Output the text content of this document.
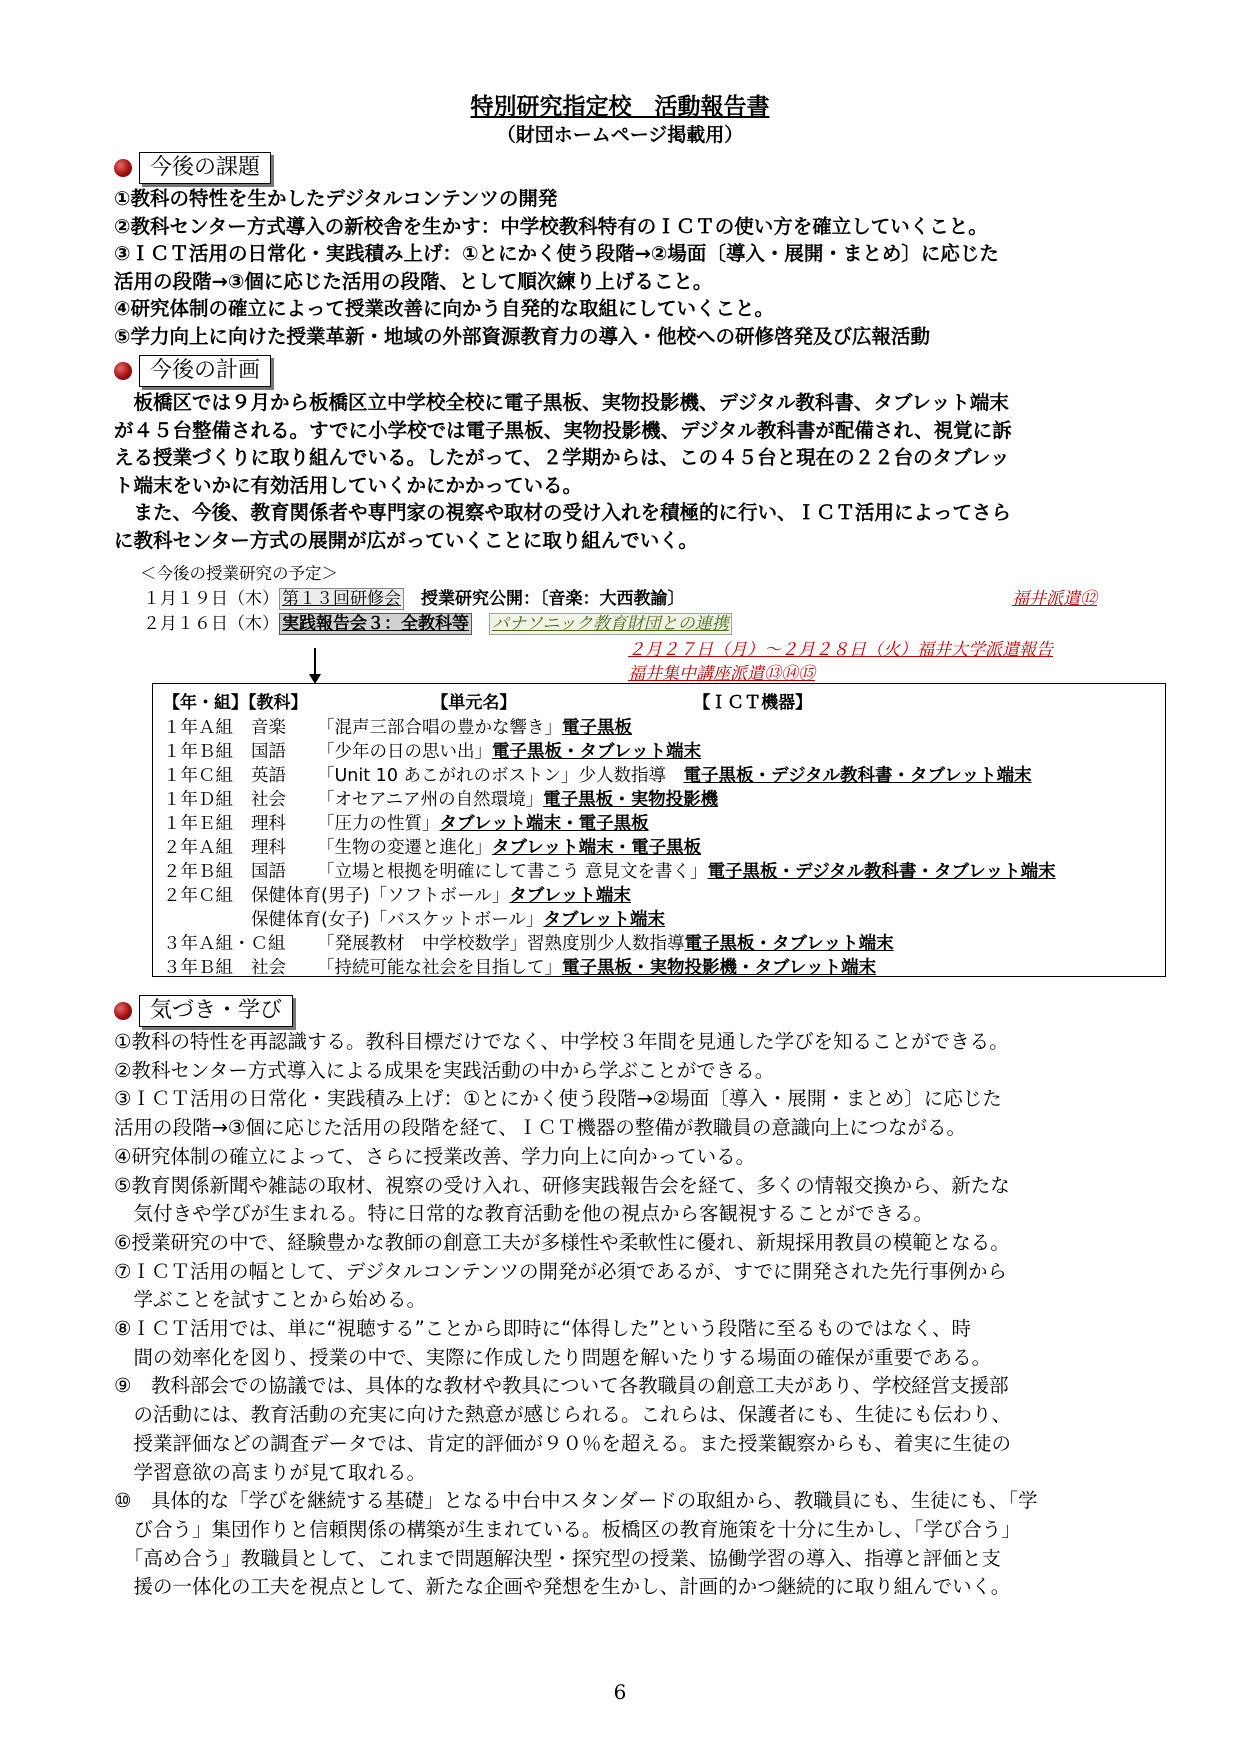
特別研究指定校　活動報告書
（財団ホームページ掲載用）
今後の課題

①教科の特性を生かしたデジタルコンテンツの開発

②教科センター方式導入の新校舎を生かす：中学校教科特有のＩＣＴの使い方を確立していくこと。

③ＩＣＴ活用の日常化・実践積み上げ：①とにかく使う段階→②場面〔導入・展開・まとめ〕に応じた

活用の段階→③個に応じた活用の段階、として順次練り上げること。

④研究体制の確立によって授業改善に向かう自発的な取組にしていくこと。

⑤学力向上に向けた授業革新・地域の外部資源教育力の導入・他校への研修啓発及び広報活動

今後の計画

　板橋区では９月から板橋区立中学校全校に電子黒板、実物投影機、デジタル教科書、タブレット端末

が４５台整備される。すでに小学校では電子黒板、実物投影機、デジタル教科書が配備され、視覚に訴

える授業づくりに取り組んでいる。したがって、２学期からは、この４５台と現在の２２台のタブレッ

ト端末をいかに有効活用していくかにかかっている。

　また、今後、教育関係者や専門家の視察や取材の受け入れを積極的に行い、ＩＣＴ活用によってさら

に教科センター方式の展開が広がっていくことに取り組んでいく。

＜今後の授業研究の予定＞
１月１９日（木） 第１３回研修会　 授業研究公開：〔音楽：大西教諭〕	福井派遣⑫
２月１６日（木） 実践報告会３：全教科等　 パナソニック教育財団との連携
２月２７日（月）～２月２８日（火）福井大学派遣報告
福井集中講座派遣⑬⑭⑮
【年・組】【教科】	【単元名】	【ＩＣＴ機器】
１年Ａ組 音楽 「混声三部合唱の豊かな響き」電子黒板
１年Ｂ組 国語 「少年の日の思い出」電子黒板・タブレット端末
１年Ｃ組 英語 「Unit 10 あこがれのボストン」少人数指導　電子黒板・デジタル教科書・タブレット端末
１年Ｄ組 社会 「オセアニア州の自然環境」電子黒板・実物投影機
１年Ｅ組 理科 「圧力の性質」タブレット端末・電子黒板
２年Ａ組 理科 「生物の変遷と進化」タブレット端末・電子黒板
２年Ｂ組 国語 「立場と根拠を明確にして書こう 意見文を書く」電子黒板・デジタル教科書・タブレット端末
２年Ｃ組 保健体育(男子)「ソフトボール」タブレット端末
保健体育(女子)「バスケットボール」タブレット端末
３年Ａ組・Ｃ組 「発展教材　中学校数学」習熟度別少人数指導電子黒板・タブレット端末
３年Ｂ組 社会 「持続可能な社会を目指して」電子黒板・実物投影機・タブレット端末
気づき・学び

①教科の特性を再認識する。教科目標だけでなく、中学校３年間を見通した学びを知ることができる。

②教科センター方式導入による成果を実践活動の中から学ぶことができる。

③ＩＣＴ活用の日常化・実践積み上げ：①とにかく使う段階→②場面〔導入・展開・まとめ〕に応じた

活用の段階→③個に応じた活用の段階を経て、ＩＣＴ機器の整備が教職員の意識向上につながる。

④研究体制の確立によって、さらに授業改善、学力向上に向かっている。

⑤教育関係新聞や雑誌の取材、視察の受け入れ、研修実践報告会を経て、多くの情報交換から、新たな

　気付きや学びが生まれる。特に日常的な教育活動を他の視点から客観視することができる。

⑥授業研究の中で、経験豊かな教師の創意工夫が多様性や柔軟性に優れ、新規採用教員の模範となる。

⑦ＩＣＴ活用の幅として、デジタルコンテンツの開発が必須であるが、すでに開発された先行事例から

　学ぶことを試すことから始める。

⑧ＩＣＴ活用では、単に“視聴する”ことから即時に“体得した”という段階に至るものではなく、時

　間の効率化を図り、授業の中で、実際に作成したり問題を解いたりする場面の確保が重要である。

⑨　教科部会での協議では、具体的な教材や教具について各教職員の創意工夫があり、学校経営支援部

　の活動には、教育活動の充実に向けた熱意が感じられる。これらは、保護者にも、生徒にも伝わり、

　授業評価などの調査データでは、肯定的評価が９０％を超える。また授業観察からも、着実に生徒の

　学習意欲の高まりが見て取れる。

⑩　具体的な「学びを継続する基礎」となる中台中スタンダードの取組から、教職員にも、生徒にも、「学

　び合う」集団作りと信頼関係の構築が生まれている。板橋区の教育施策を十分に生かし、「学び合う」

　「高め合う」教職員として、これまで問題解決型・探究型の授業、協働学習の導入、指導と評価と支

　援の一体化の工夫を視点として、新たな企画や発想を生かし、計画的かつ継続的に取り組んでいく。

6
